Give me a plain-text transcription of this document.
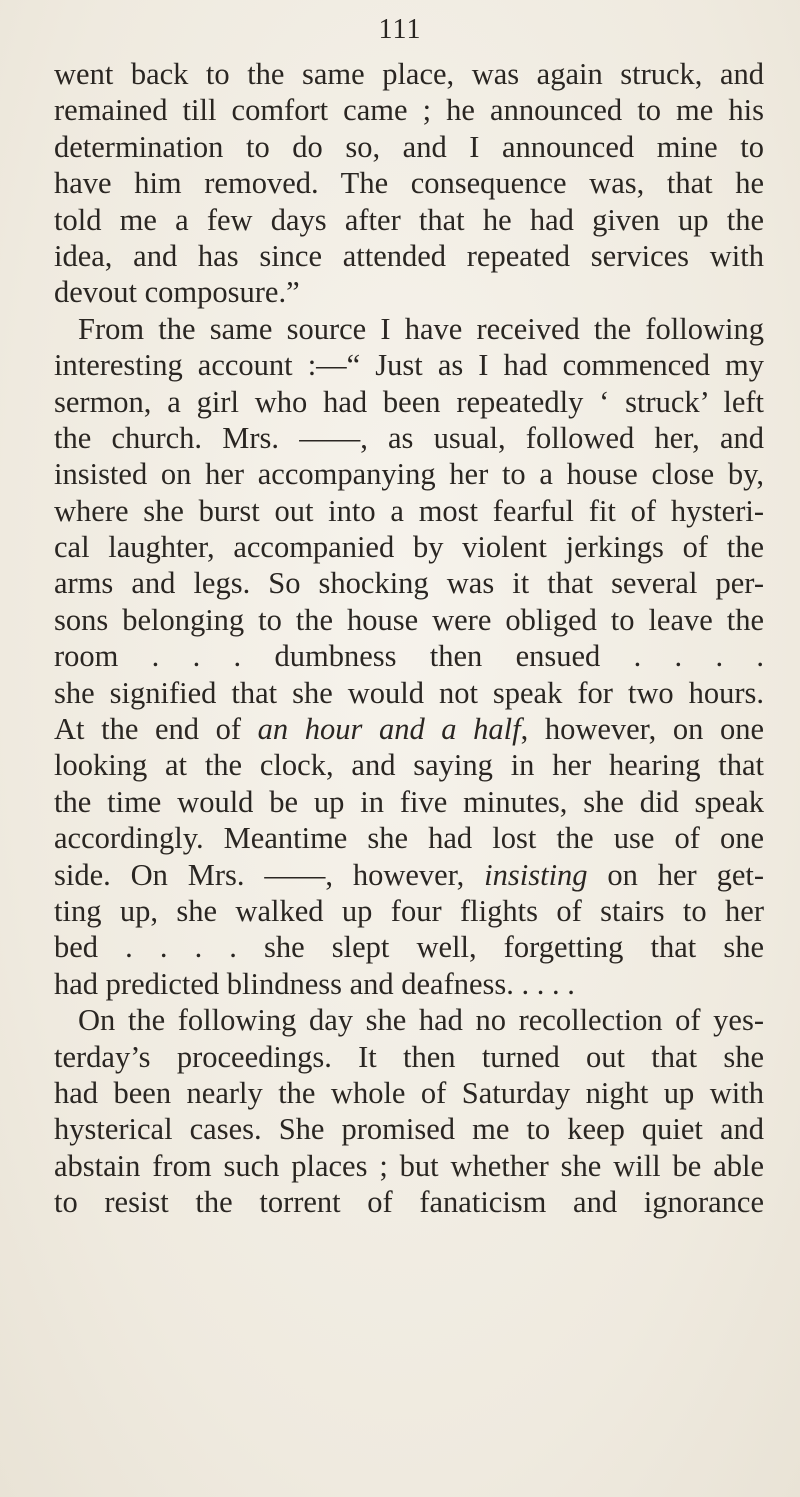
111
went back to the same place, was again struck, and
remained till comfort came ; he announced to me his
determination to do so, and I announced mine to
have him removed. The consequence was, that he
told me a few days after that he had given up the
idea, and has since attended repeated services with
devout composure.”
From the same source I have received the following
interesting account :—“ Just as I had commenced my
sermon, a girl who had been repeatedly ‘ struck’ left
the church. Mrs. ——, as usual, followed her, and
insisted on her accompanying her to a house close by,
where she burst out into a most fearful fit of hysteri-
cal laughter, accompanied by violent jerkings of the
arms and legs. So shocking was it that several per-
sons belonging to the house were obliged to leave the
room . . . dumbness then ensued . . . .
she signified that she would not speak for two hours.
At the end of an hour and a half, however, on one
looking at the clock, and saying in her hearing that
the time would be up in five minutes, she did speak
accordingly. Meantime she had lost the use of one
side. On Mrs. ——, however, insisting on her get-
ting up, she walked up four flights of stairs to her
bed . . . . she slept well, forgetting that she
had predicted blindness and deafness. . . . .
On the following day she had no recollection of yes-
terday’s proceedings. It then turned out that she
had been nearly the whole of Saturday night up with
hysterical cases. She promised me to keep quiet and
abstain from such places ; but whether she will be able
to resist the torrent of fanaticism and ignorance
